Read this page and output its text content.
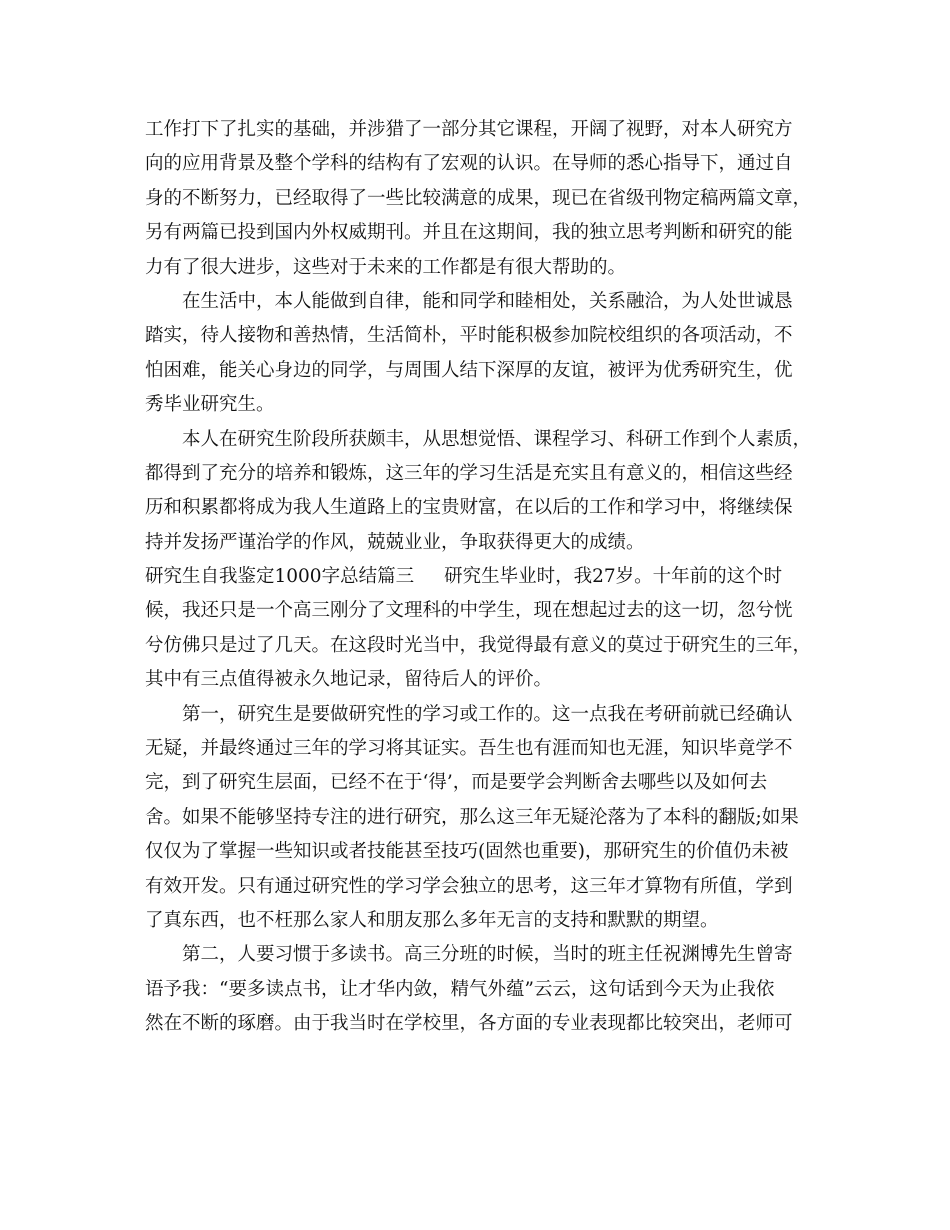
工作打下了扎实的基础，并涉猎了一部分其它课程，开阔了视野，对本人研究方
向的应用背景及整个学科的结构有了宏观的认识。在导师的悉心指导下，通过自
身的不断努力，已经取得了一些比较满意的成果，现已在省级刊物定稿两篇文章，
另有两篇已投到国内外权威期刊。并且在这期间，我的独立思考判断和研究的能
力有了很大进步，这些对于未来的工作都是有很大帮助的。
在生活中，本人能做到自律，能和同学和睦相处，关系融洽，为人处世诚恳
踏实，待人接物和善热情，生活简朴，平时能积极参加院校组织的各项活动，不
怕困难，能关心身边的同学，与周围人结下深厚的友谊，被评为优秀研究生，优
秀毕业研究生。
本人在研究生阶段所获颇丰，从思想觉悟、课程学习、科研工作到个人素质，
都得到了充分的培养和锻炼，这三年的学习生活是充实且有意义的，相信这些经
历和积累都将成为我人生道路上的宝贵财富，在以后的工作和学习中，将继续保
持并发扬严谨治学的作风，兢兢业业，争取获得更大的成绩。
研究生自我鉴定1000字总结篇三 研究生毕业时，我27岁。十年前的这个时
候，我还只是一个高三刚分了文理科的中学生，现在想起过去的这一切，忽兮恍
兮仿佛只是过了几天。在这段时光当中，我觉得最有意义的莫过于研究生的三年，
其中有三点值得被永久地记录，留待后人的评价。
第一，研究生是要做研究性的学习或工作的。这一点我在考研前就已经确认
无疑，并最终通过三年的学习将其证实。吾生也有涯而知也无涯，知识毕竟学不
完，到了研究生层面，已经不在于‘得’，而是要学会判断舍去哪些以及如何去
舍。如果不能够坚持专注的进行研究，那么这三年无疑沦落为了本科的翻版;如果
仅仅为了掌握一些知识或者技能甚至技巧(固然也重要)，那研究生的价值仍未被
有效开发。只有通过研究性的学习学会独立的思考，这三年才算物有所值，学到
了真东西，也不枉那么家人和朋友那么多年无言的支持和默默的期望。
第二，人要习惯于多读书。高三分班的时候，当时的班主任祝渊博先生曾寄
语予我：“要多读点书，让才华内敛，精气外蕴”云云，这句话到今天为止我依
然在不断的琢磨。由于我当时在学校里，各方面的专业表现都比较突出，老师可
